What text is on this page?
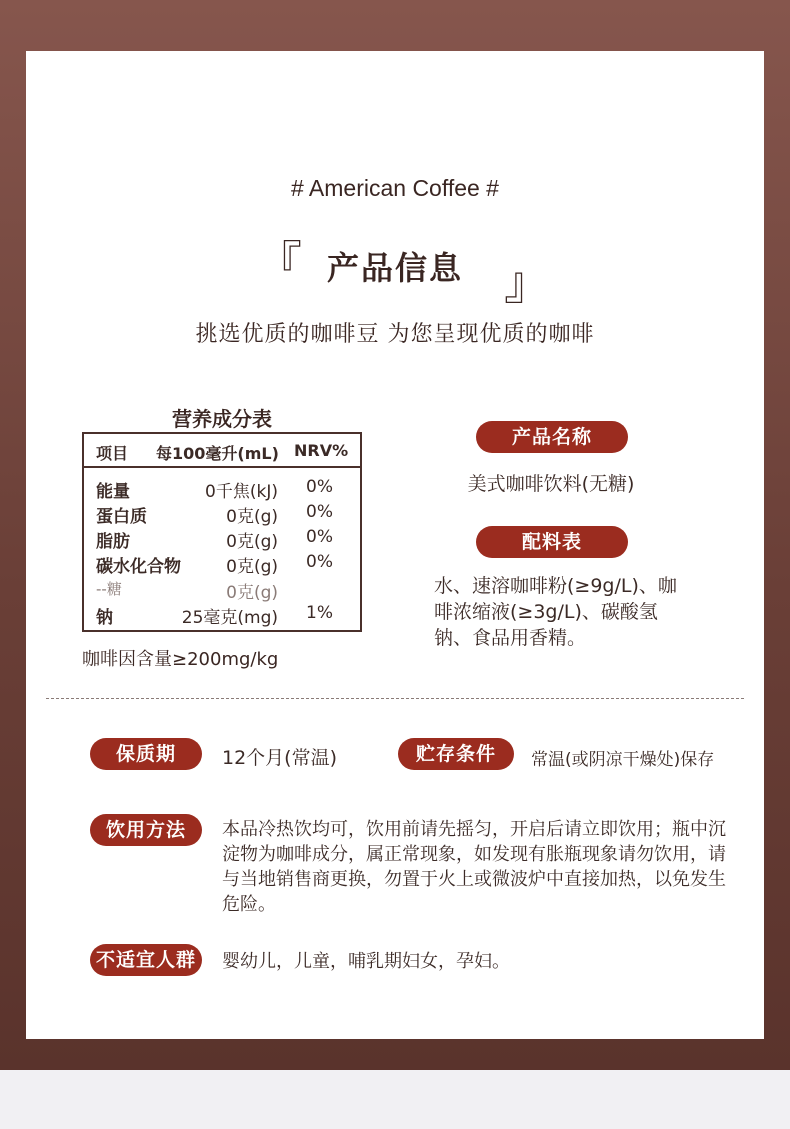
# American Coffee #
『 产品信息 』
挑选优质的咖啡豆 为您呈现优质的咖啡
营养成分表
项目 每100毫升(mL) NRV%
能量	0千焦(kJ) 0%
蛋白质	0克(g) 0%
脂肪	0克(g) 0%
碳水化合物	0克(g) 0%
--糖	0克(g)
钠	25毫克(mg) 1%
咖啡因含量≥200mg/kg
产品名称
美式咖啡饮料(无糖)
配料表
水、速溶咖啡粉(≥9g/L)、咖啡浓缩液(≥3g/L)、碳酸氢钠、食品用香精。
保质期	12个月(常温)	贮存条件	常温(或阴凉干燥处)保存
饮用方法	本品冷热饮均可，饮用前请先摇匀，开启后请立即饮用；瓶中沉淀物为咖啡成分，属正常现象，如发现有胀瓶现象请勿饮用，请与当地销售商更换，勿置于火上或微波炉中直接加热，以免发生危险。
不适宜人群	婴幼儿，儿童，哺乳期妇女，孕妇。
